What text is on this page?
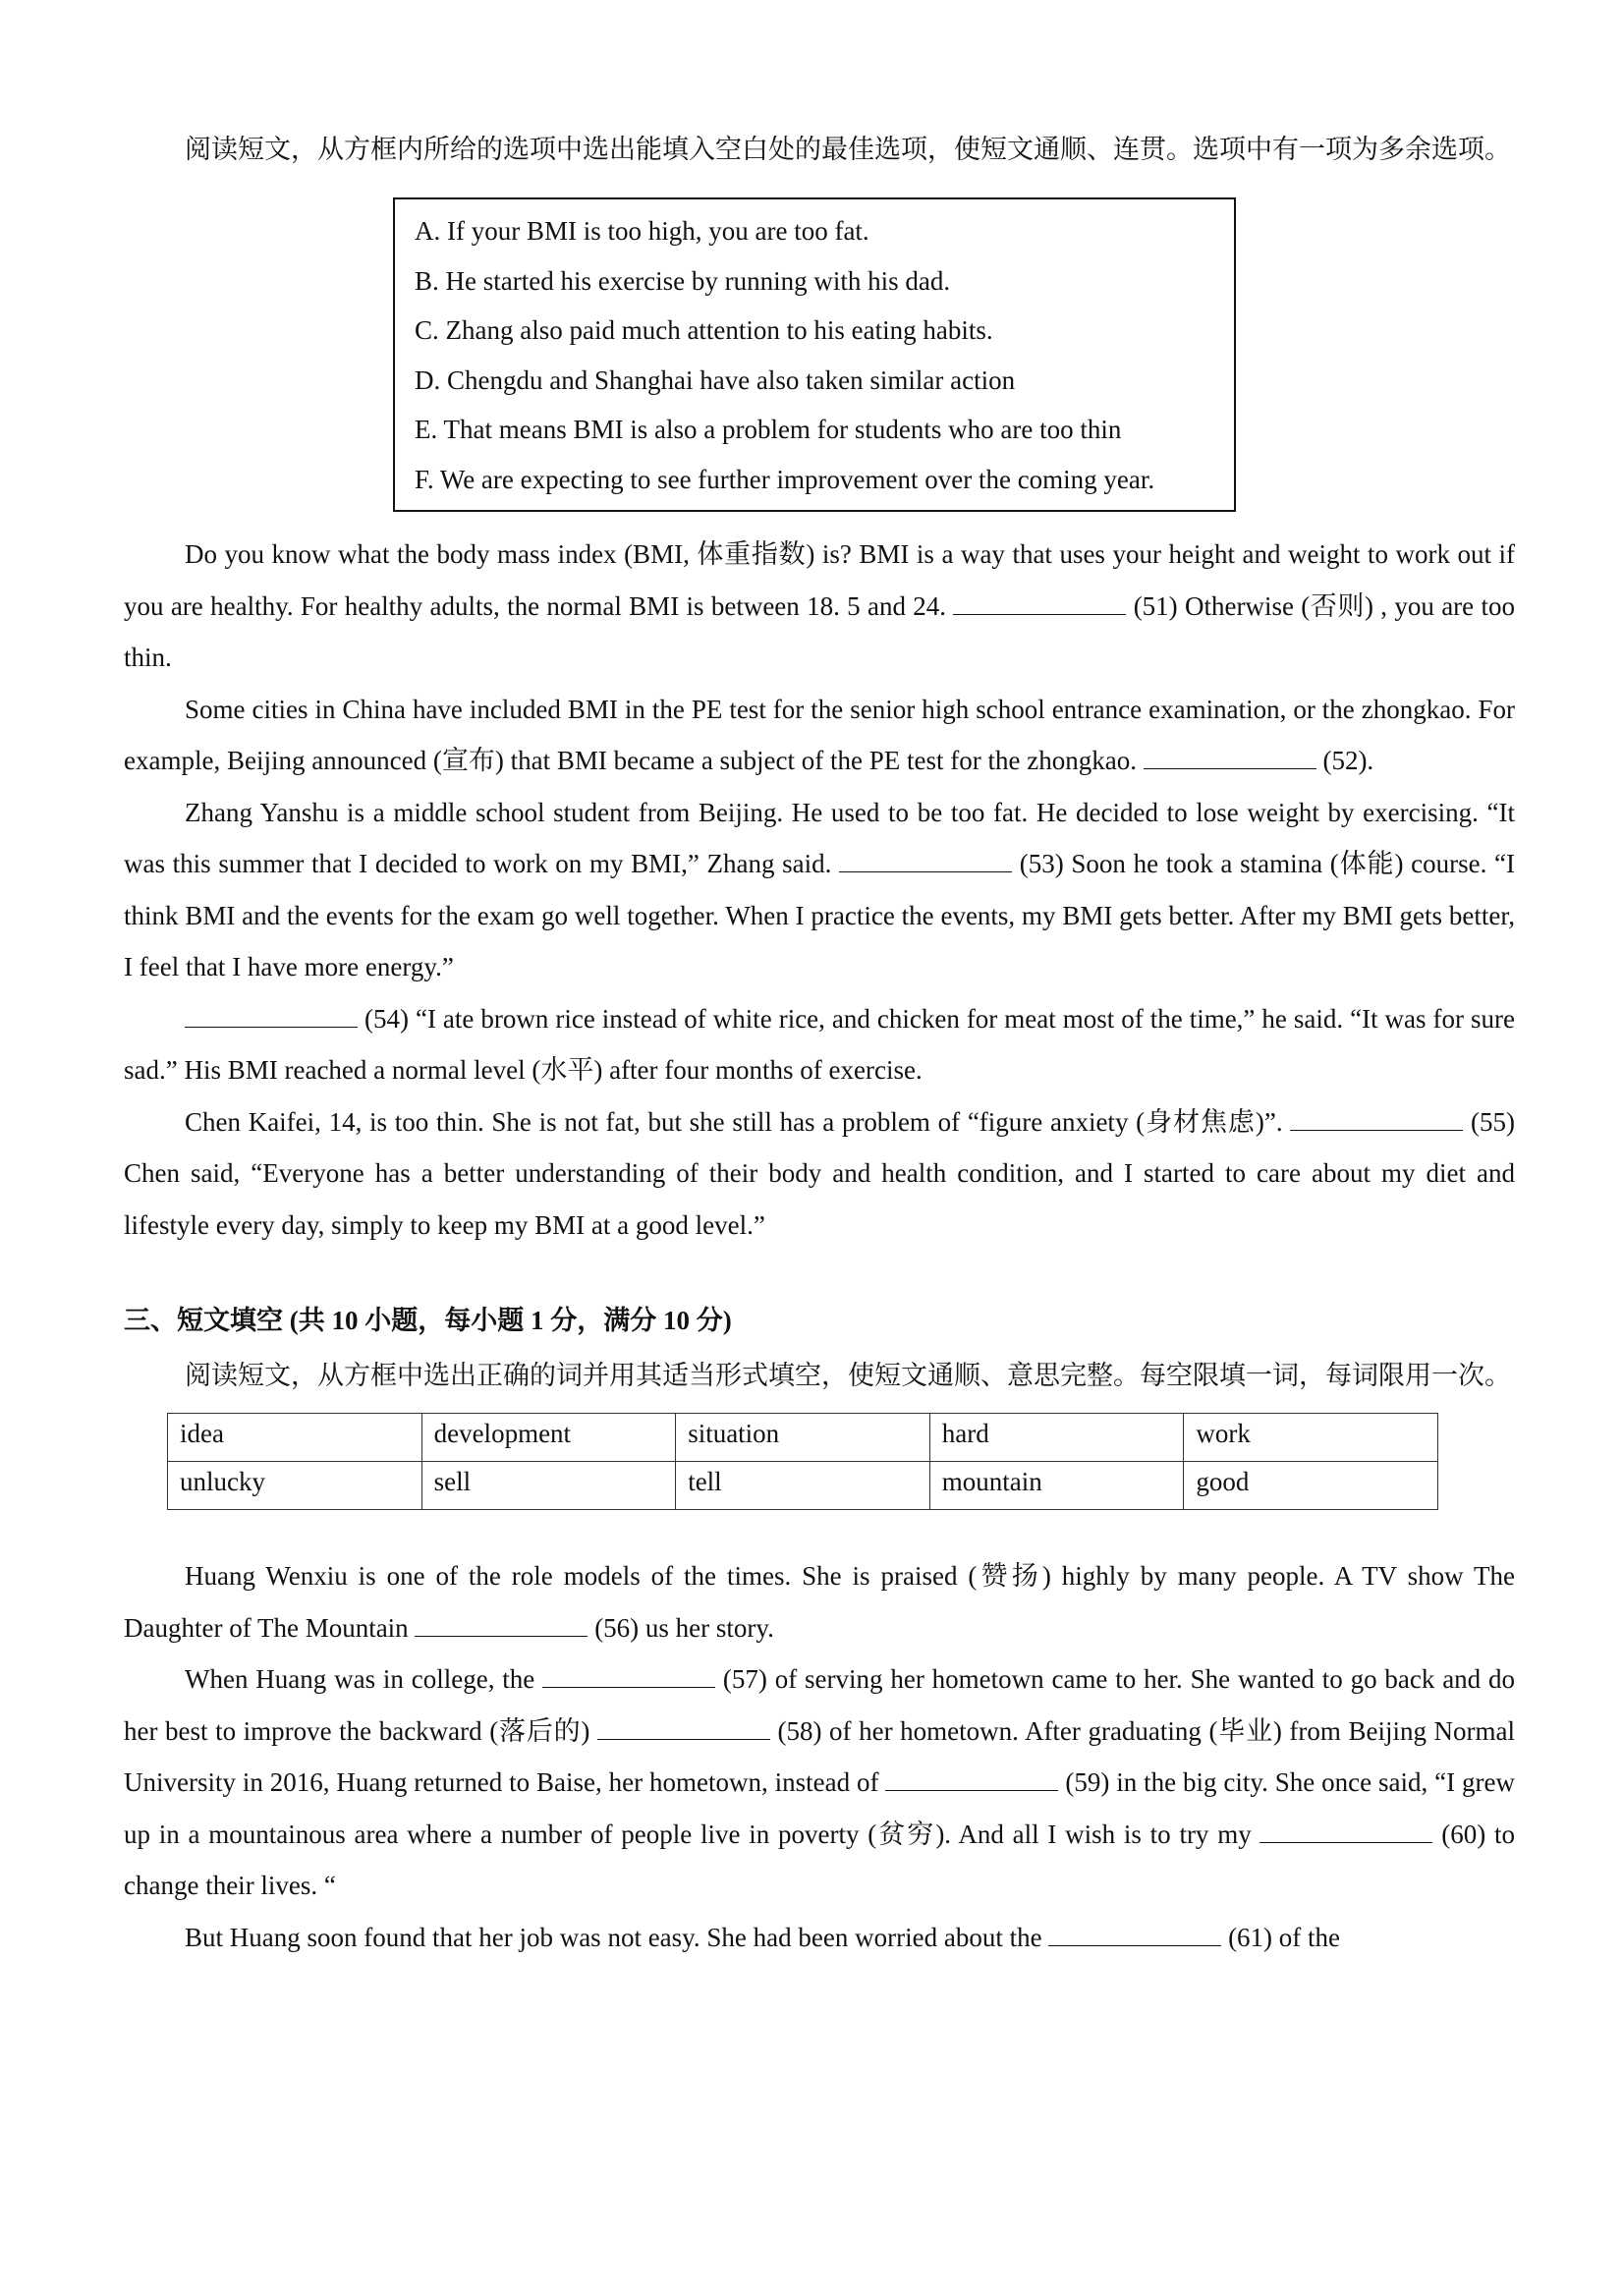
阅读短文，从方框内所给的选项中选出能填入空白处的最佳选项，使短文通顺、连贯。选项中有一项为多余选项。

A. If your BMI is too high, you are too fat.
B. He started his exercise by running with his dad.
C. Zhang also paid much attention to his eating habits.
D. Chengdu and Shanghai have also taken similar action
E. That means BMI is also a problem for students who are too thin
F. We are expecting to see further improvement over the coming year.

Do you know what the body mass index (BMI, 体重指数) is? BMI is a way that uses your height and weight to work out if you are healthy. For healthy adults, the normal BMI is between 18. 5 and 24.	(51) Otherwise (否则) , you are too thin.

Some cities in China have included BMI in the PE test for the senior high school entrance examination, or the zhongkao. For example, Beijing announced (宣布) that BMI became a subject of the PE test for the zhongkao.	(52).

Zhang Yanshu is a middle school student from Beijing. He used to be too fat. He decided to lose weight by exercising. “It was this summer that I decided to work on my BMI,” Zhang said.	(53) Soon he took a stamina (体能) course. “I think BMI and the events for the exam go well together. When I practice the events, my BMI gets better. After my BMI gets better, I feel that I have more energy.”

(54) “I ate brown rice instead of white rice, and chicken for meat most of the time,” he said. “It was for sure sad.” His BMI reached a normal level (水平) after four months of exercise.

Chen Kaifei, 14, is too thin. She is not fat, but she still has a problem of “figure anxiety (身材焦虑)”.	(55) Chen said, “Everyone has a better understanding of their body and health condition, and I started to care about my diet and lifestyle every day, simply to keep my BMI at a good level.”

三、短文填空 (共 10 小题，每小题 1 分，满分 10 分)

阅读短文，从方框中选出正确的词并用其适当形式填空，使短文通顺、意思完整。每空限填一词，每词限用一次。

idea	development	situation	hard	work
unlucky	sell	tell	mountain	good

Huang Wenxiu is one of the role models of the times. She is praised (赞扬) highly by many people. A TV show The Daughter of The Mountain	(56) us her story.

When Huang was in college, the	(57) of serving her hometown came to her. She wanted to go back and do her best to improve the backward (落后的)	(58) of her hometown. After graduating (毕业) from Beijing Normal University in 2016, Huang returned to Baise, her hometown, instead of	(59) in the big city. She once said, “I grew up in a mountainous area where a number of people live in poverty (贫穷). And all I wish is to try my	(60) to change their lives. “

But Huang soon found that her job was not easy. She had been worried about the	(61) of the
